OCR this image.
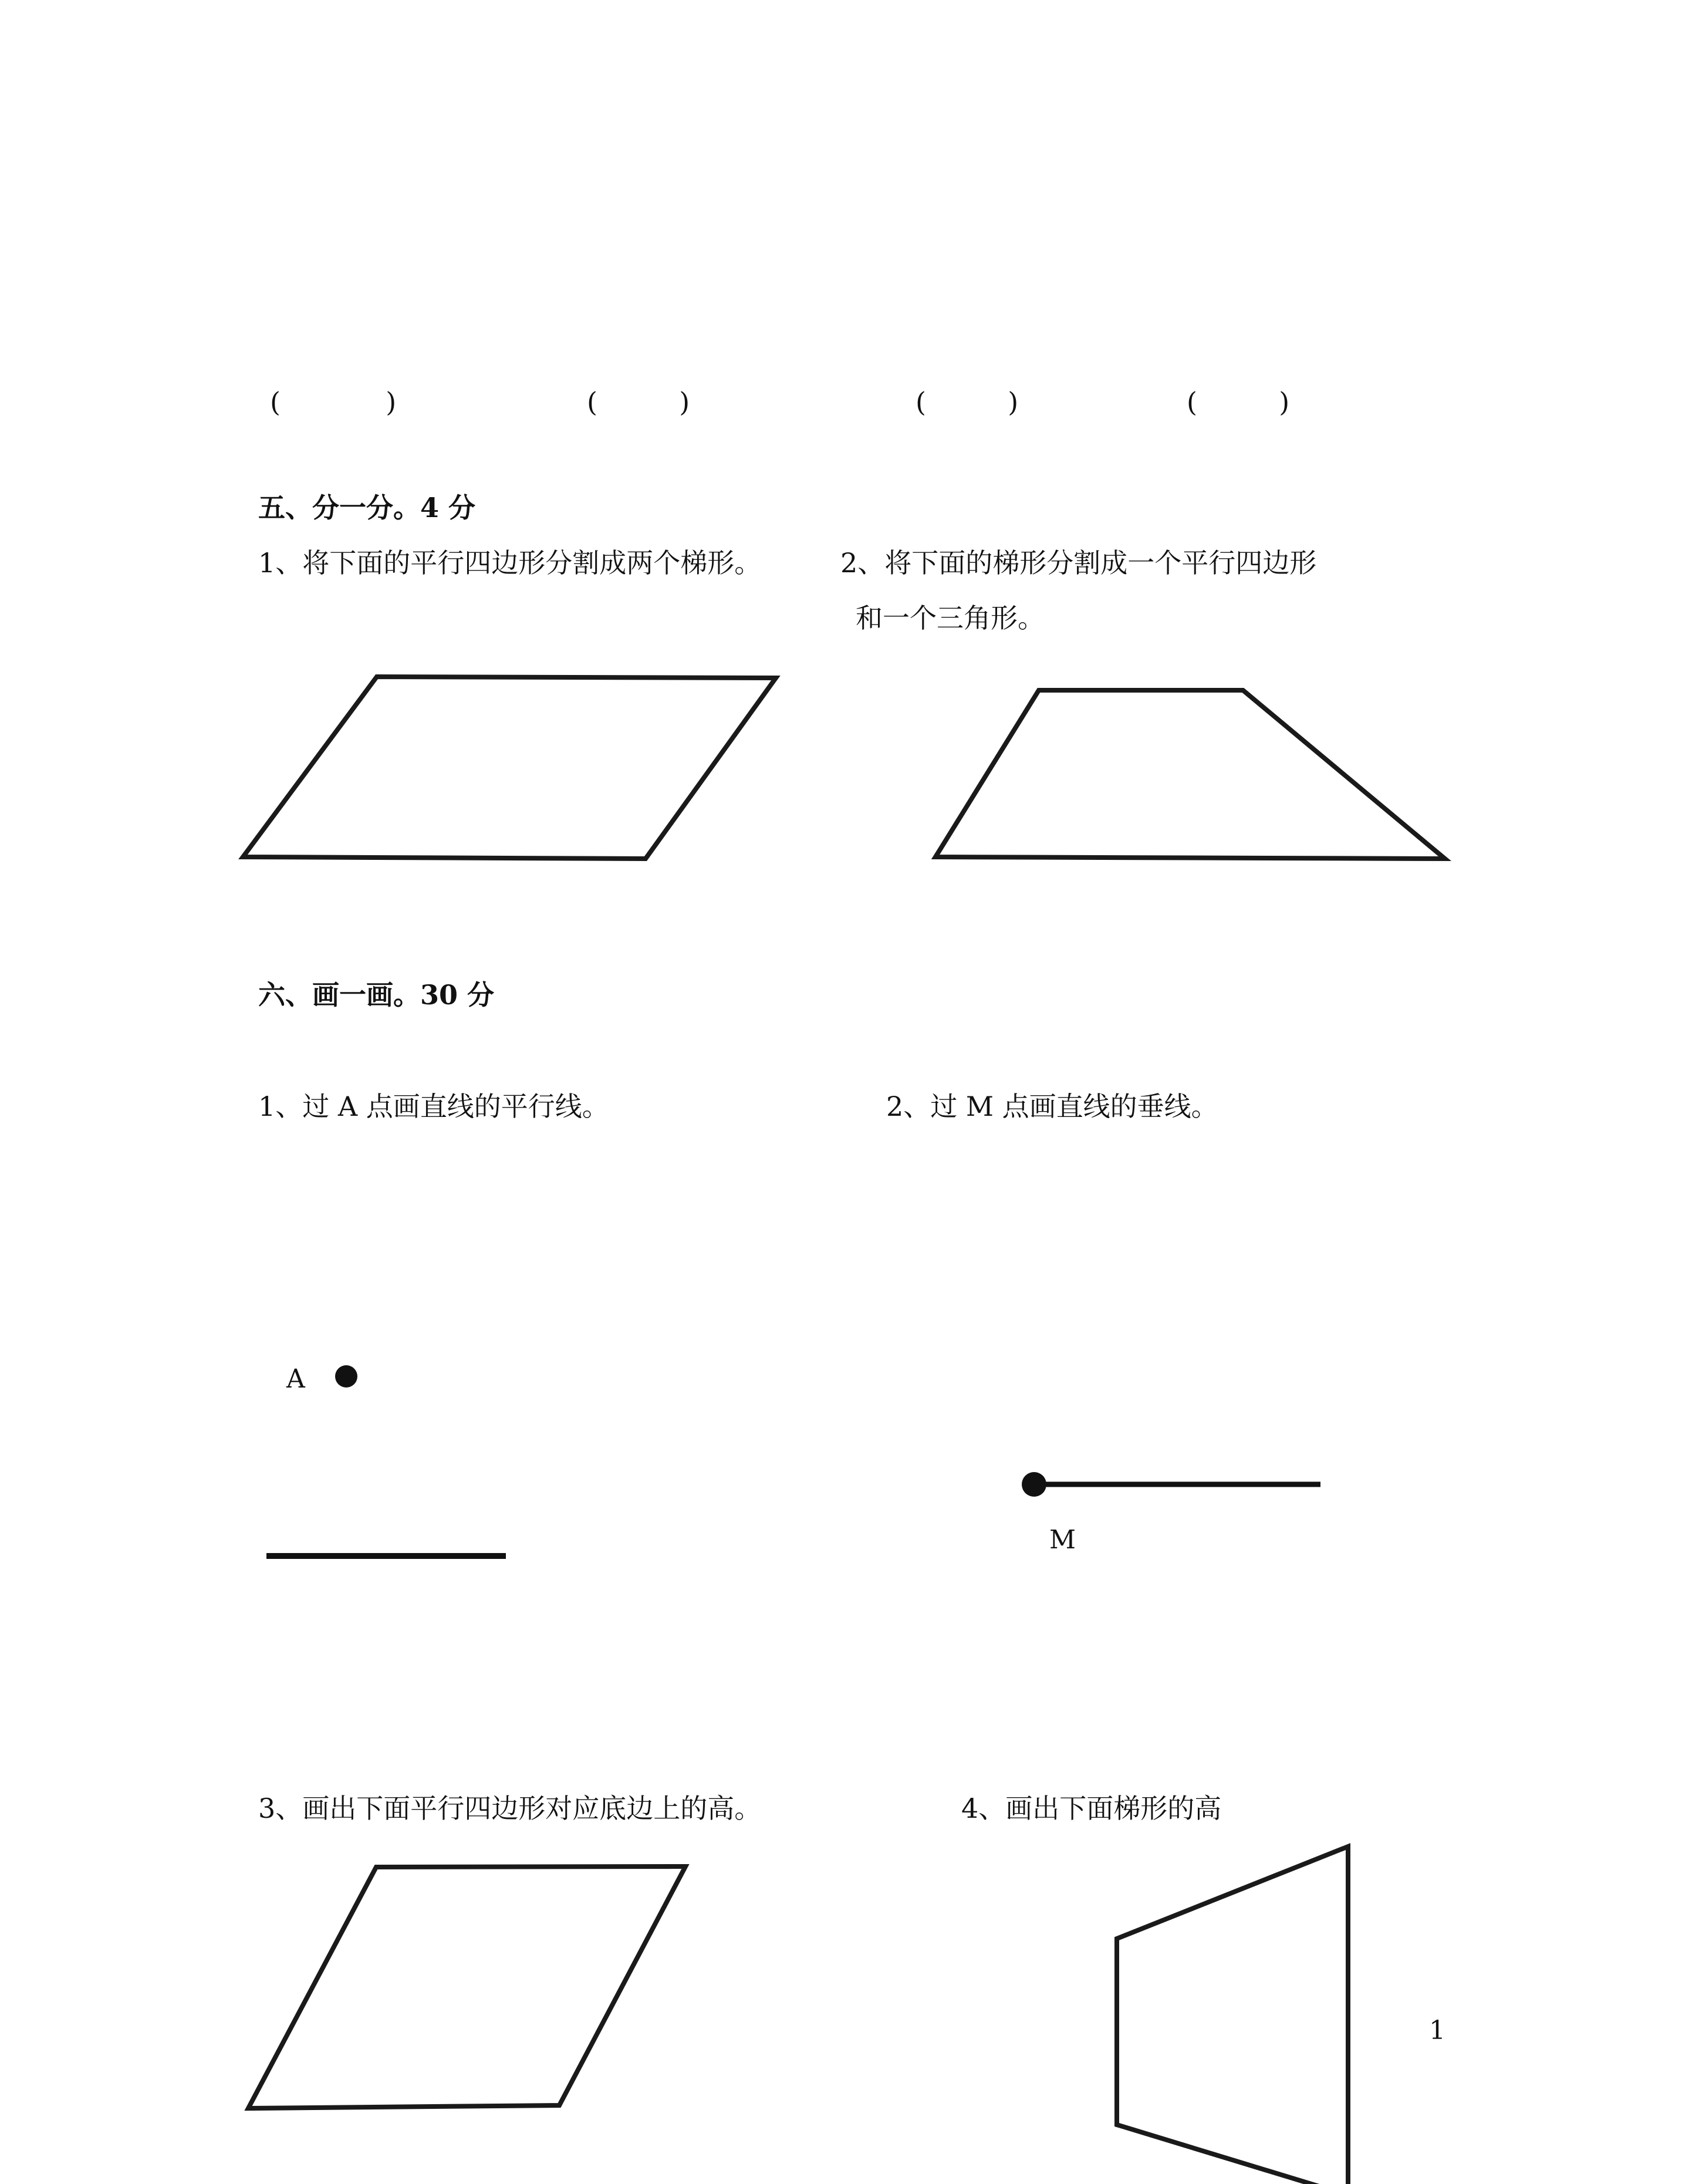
(	)	(	)	(	)	(	)
五、分一分。4 分
1、将下面的平行四边形分割成两个梯形。	2、将下面的梯形分割成一个平行四边形
和一个三角形。
六、画一画。30 分
1、过 A 点画直线的平行线。	2、过 M 点画直线的垂线。
3、画出下面平行四边形对应底边上的高。	4、画出下面梯形的高
A
M
1
